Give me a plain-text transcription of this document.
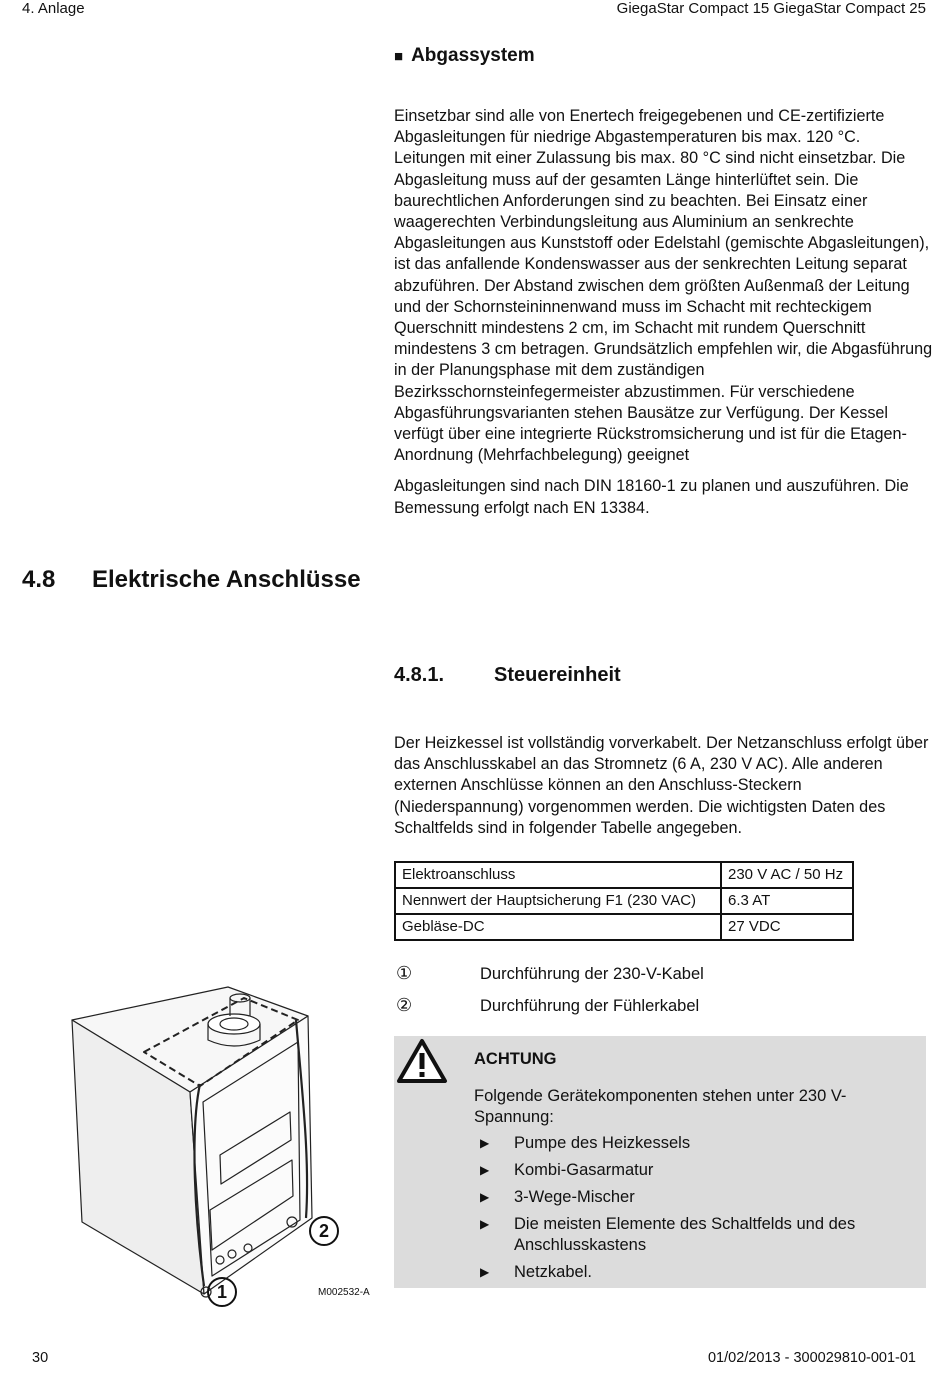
4. Anlage	GiegaStar Compact 15 GiegaStar Compact 25
■ Abgassystem

Einsetzbar sind alle von Enertech freigegebenen und CE-zertifizierte Abgasleitungen für niedrige Abgastemperaturen bis max. 120 °C. Leitungen mit einer Zulassung bis max. 80 °C sind nicht einsetzbar. Die Abgasleitung muss auf der gesamten Länge hinterlüftet sein. Die baurechtlichen Anforderungen sind zu beachten. Bei Einsatz einer waagerechten Verbindungsleitung aus Aluminium an senkrechte Abgasleitungen aus Kunststoff oder Edelstahl (gemischte Abgasleitungen), ist das anfallende Kondenswasser aus der senkrechten Leitung separat abzuführen. Der Abstand zwischen dem größten Außenmaß der Leitung und der Schornsteininnenwand muss im Schacht mit rechteckigem Querschnitt mindestens 2 cm, im Schacht mit rundem Querschnitt mindestens 3 cm betragen. Grundsätzlich empfehlen wir, die Abgasführung in der Planungsphase mit dem zuständigen Bezirksschornsteinfegermeister abzustimmen. Für verschiedene Abgasführungsvarianten stehen Bausätze zur Verfügung. Der Kessel verfügt über eine integrierte Rückstromsicherung und ist für die Etagen-Anordnung (Mehrfachbelegung) geeignet

Abgasleitungen sind nach DIN 18160-1 zu planen und auszuführen. Die Bemessung erfolgt nach EN 13384.

4.8 Elektrische Anschlüsse
4.8.1. Steuereinheit

Der Heizkessel ist vollständig vorverkabelt. Der Netzanschluss erfolgt über das Anschlusskabel an das Stromnetz (6 A, 230 V AC). Alle anderen externen Anschlüsse können an den Anschluss-Steckern (Niederspannung) vorgenommen werden. Die wichtigsten Daten des Schaltfelds sind in folgender Tabelle angegeben.

Elektroanschluss	230 V AC / 50 Hz
Nennwert der Hauptsicherung F1 (230 VAC)	6.3 AT
Gebläse-DC	27 VDC
①	Durchführung der 230-V-Kabel
②	Durchführung der Fühlerkabel
1
2
M002532-A
ACHTUNG
Folgende Gerätekomponenten stehen unter 230 V-Spannung:
▶ Pumpe des Heizkessels
▶ Kombi-Gasarmatur
▶ 3-Wege-Mischer
▶ Die meisten Elemente des Schaltfelds und des Anschlusskastens
▶ Netzkabel.
30	01/02/2013 - 300029810-001-01
